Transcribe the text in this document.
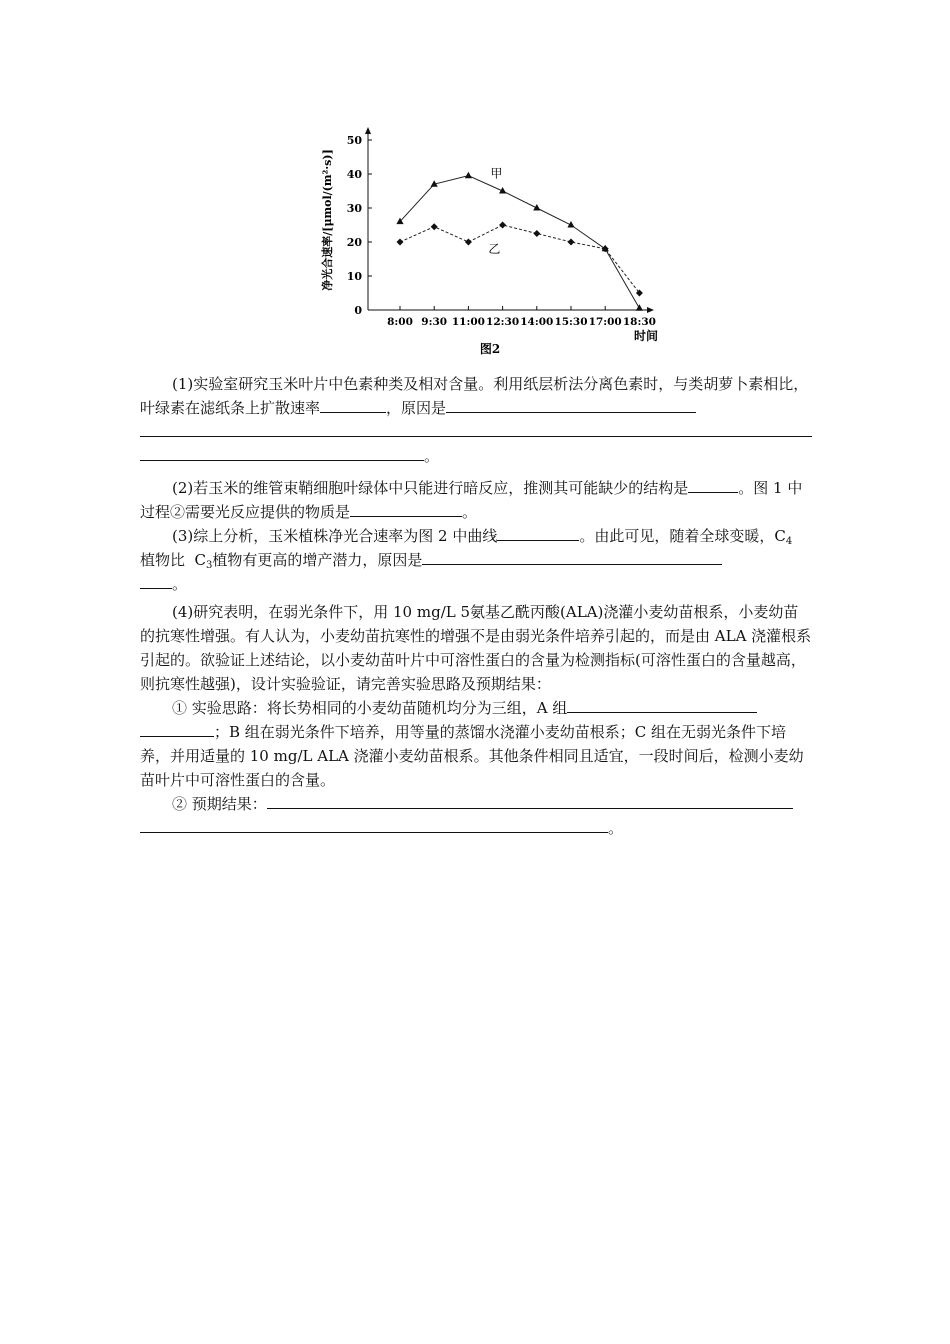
0
10
20
30
40
50
8:00 9:30 11:00 12:30 14:00 15:30 17:00 18:30
甲
乙
净光合速率/[μmol/(m²·s)]
时间
图2

(1)实验室研究玉米叶片中色素种类及相对含量。利用纸层析法分离色素时，与类胡萝卜素相比，叶绿素在滤纸条上扩散速率	，原因是

。

(2)若玉米的维管束鞘细胞叶绿体中只能进行暗反应，推测其可能缺少的结构是	。图 1 中过程②需要光反应提供的物质是	。

(3)综上分析，玉米植株净光合速率为图 2 中曲线	。由此可见，随着全球变暖，$C_4$植物比  $C_3$植物有更高的增产潜力，原因是

。

(4)研究表明，在弱光条件下，用 10 mg/L 5氨基乙酰丙酸(ALA)浇灌小麦幼苗根系，小麦幼苗的抗寒性增强。有人认为，小麦幼苗抗寒性的增强不是由弱光条件培养引起的，而是由 ALA 浇灌根系引起的。欲验证上述结论，以小麦幼苗叶片中可溶性蛋白的含量为检测指标(可溶性蛋白的含量越高，则抗寒性越强)，设计实验验证，请完善实验思路及预期结果：

① 实验思路：将长势相同的小麦幼苗随机均分为三组，A 组

；B 组在弱光条件下培养，用等量的蒸馏水浇灌小麦幼苗根系；C 组在无弱光条件下培养，并用适量的 10 mg/L ALA 浇灌小麦幼苗根系。其他条件相同且适宜，一段时间后，检测小麦幼苗叶片中可溶性蛋白的含量。

② 预期结果：

。
